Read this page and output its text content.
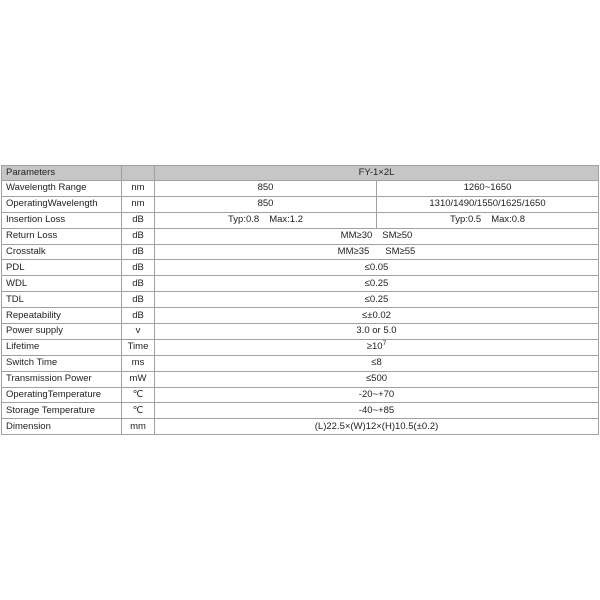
Parameters		FY-1×2L	
Wavelength Range	nm	850	1260~1650
OperatingWavelength	nm	850	1310/1490/1550/1625/1650
Insertion Loss	dB	Typ:0.8 Max:1.2	Typ:0.5 Max:0.8
Return Loss	dB	MM≥30 SM≥50	
Crosstalk	dB	MM≥35 SM≥55	
PDL	dB	≤0.05	
WDL	dB	≤0.25	
TDL	dB	≤0.25	
Repeatability	dB	≤±0.02	
Power supply	v	3.0 or 5.0	
Lifetime	Time	$\ge 10^7$
Switch Time	ms	≤8	
Transmission Power	mW	≤500	
OperatingTemperature	℃	-20~+70	
Storage Temperature	℃	-40~+85	
Dimension	mm	(L)22.5×(W)12×(H)10.5(±0.2)	
